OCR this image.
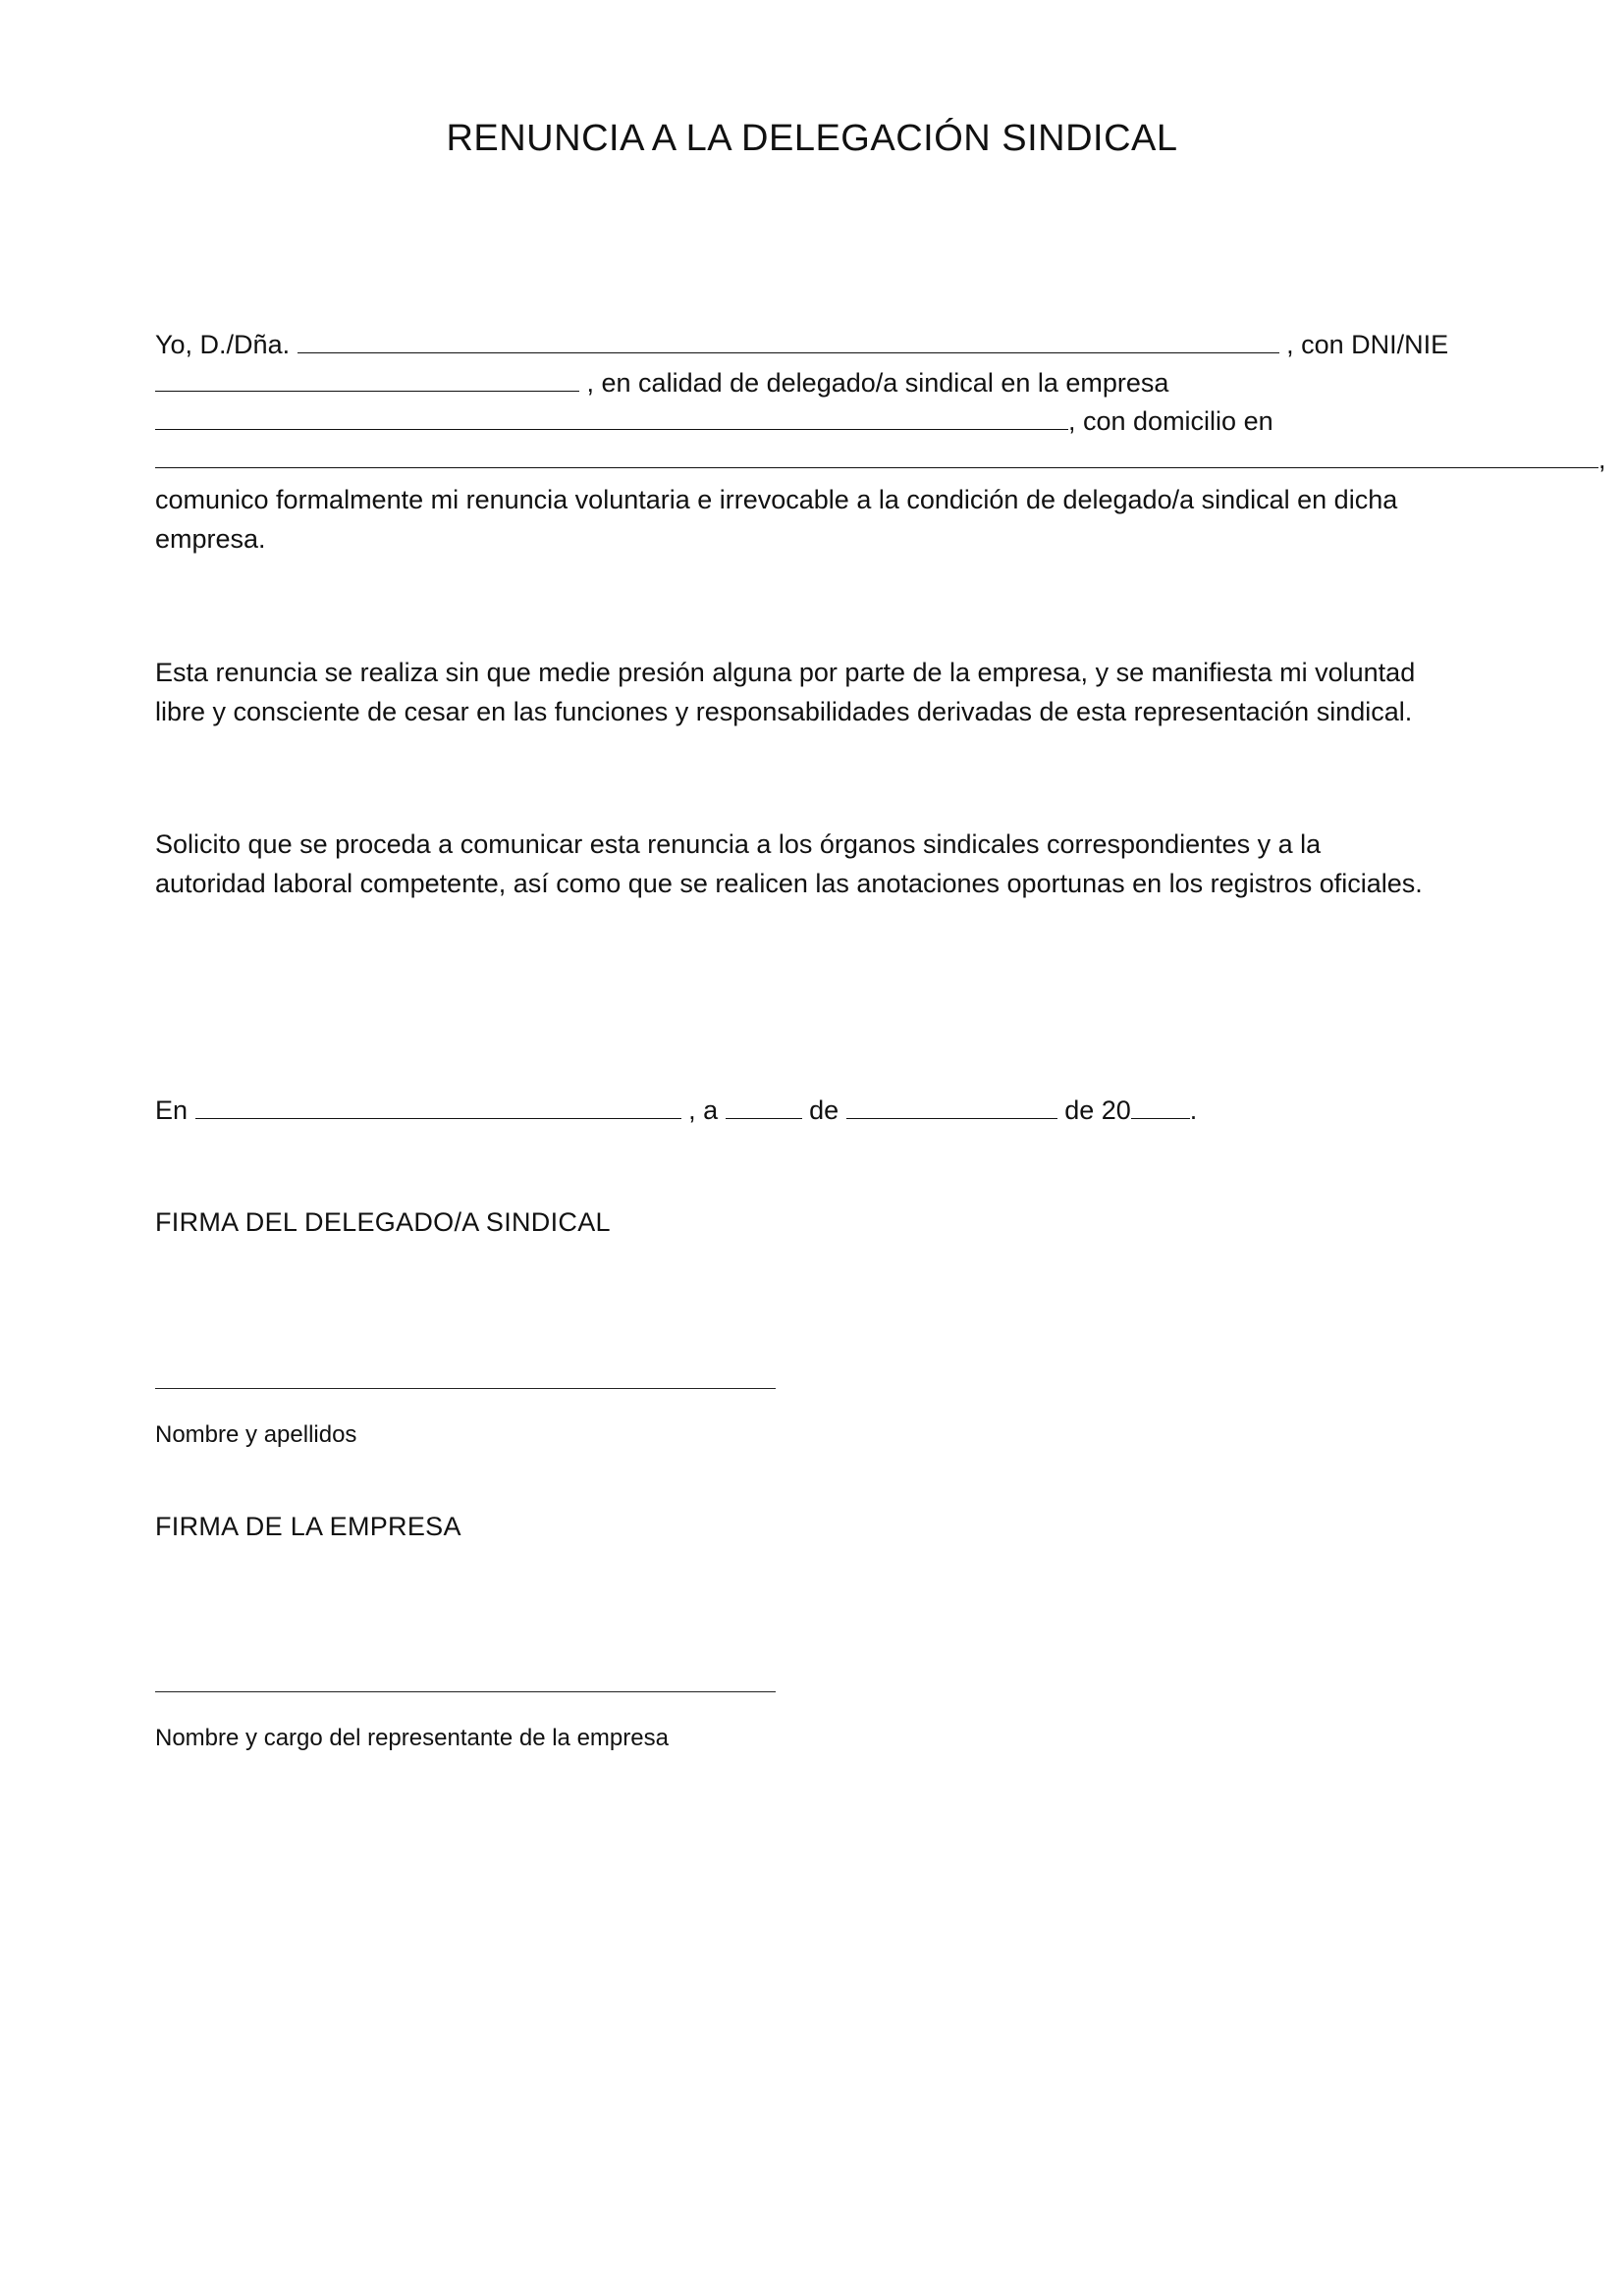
RENUNCIA A LA DELEGACIÓN SINDICAL
Yo, D./Dña.	, con DNI/NIE
, en calidad de delegado/a sindical en la empresa
, con domicilio en
,
comunico formalmente mi renuncia voluntaria e irrevocable a la condición de delegado/a sindical en dicha
empresa.
Esta renuncia se realiza sin que medie presión alguna por parte de la empresa, y se manifiesta mi voluntad
libre y consciente de cesar en las funciones y responsabilidades derivadas de esta representación sindical.
Solicito que se proceda a comunicar esta renuncia a los órganos sindicales correspondientes y a la
autoridad laboral competente, así como que se realicen las anotaciones oportunas en los registros oficiales.
En	, a	de	de 20 .
FIRMA DEL DELEGADO/A SINDICAL
Nombre y apellidos
FIRMA DE LA EMPRESA
Nombre y cargo del representante de la empresa
